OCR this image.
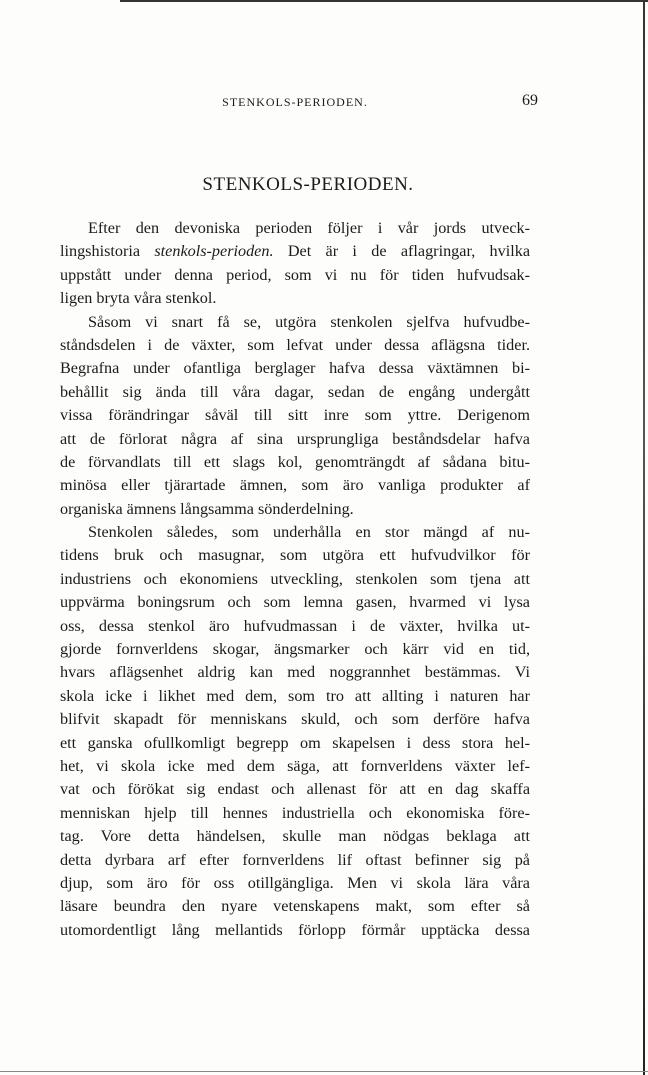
STENKOLS-PERIODEN.	69
STENKOLS-PERIODEN.
Efter den devoniska perioden följer i vår jords utveck-
lingshistoria stenkols-perioden. Det är i de aflagringar, hvilka
uppstått under denna period, som vi nu för tiden hufvudsak-
ligen bryta våra stenkol.
Såsom vi snart få se, utgöra stenkolen sjelfva hufvudbe-
ståndsdelen i de växter, som lefvat under dessa aflägsna tider.
Begrafna under ofantliga berglager hafva dessa växtämnen bi-
behållit sig ända till våra dagar, sedan de engång undergått
vissa förändringar såväl till sitt inre som yttre. Derigenom
att de förlorat några af sina ursprungliga beståndsdelar hafva
de förvandlats till ett slags kol, genomträngdt af sådana bitu-
minösa eller tjärartade ämnen, som äro vanliga produkter af
organiska ämnens långsamma sönderdelning.
Stenkolen således, som underhålla en stor mängd af nu-
tidens bruk och masugnar, som utgöra ett hufvudvilkor för
industriens och ekonomiens utveckling, stenkolen som tjena att
uppvärma boningsrum och som lemna gasen, hvarmed vi lysa
oss, dessa stenkol äro hufvudmassan i de växter, hvilka ut-
gjorde fornverldens skogar, ängsmarker och kärr vid en tid,
hvars aflägsenhet aldrig kan med noggrannhet bestämmas. Vi
skola icke i likhet med dem, som tro att allting i naturen har
blifvit skapadt för menniskans skuld, och som derföre hafva
ett ganska ofullkomligt begrepp om skapelsen i dess stora hel-
het, vi skola icke med dem säga, att fornverldens växter lef-
vat och förökat sig endast och allenast för att en dag skaffa
menniskan hjelp till hennes industriella och ekonomiska före-
tag. Vore detta händelsen, skulle man nödgas beklaga att
detta dyrbara arf efter fornverldens lif oftast befinner sig på
djup, som äro för oss otillgängliga. Men vi skola lära våra
läsare beundra den nyare vetenskapens makt, som efter så
utomordentligt lång mellantids förlopp förmår upptäcka dessa
